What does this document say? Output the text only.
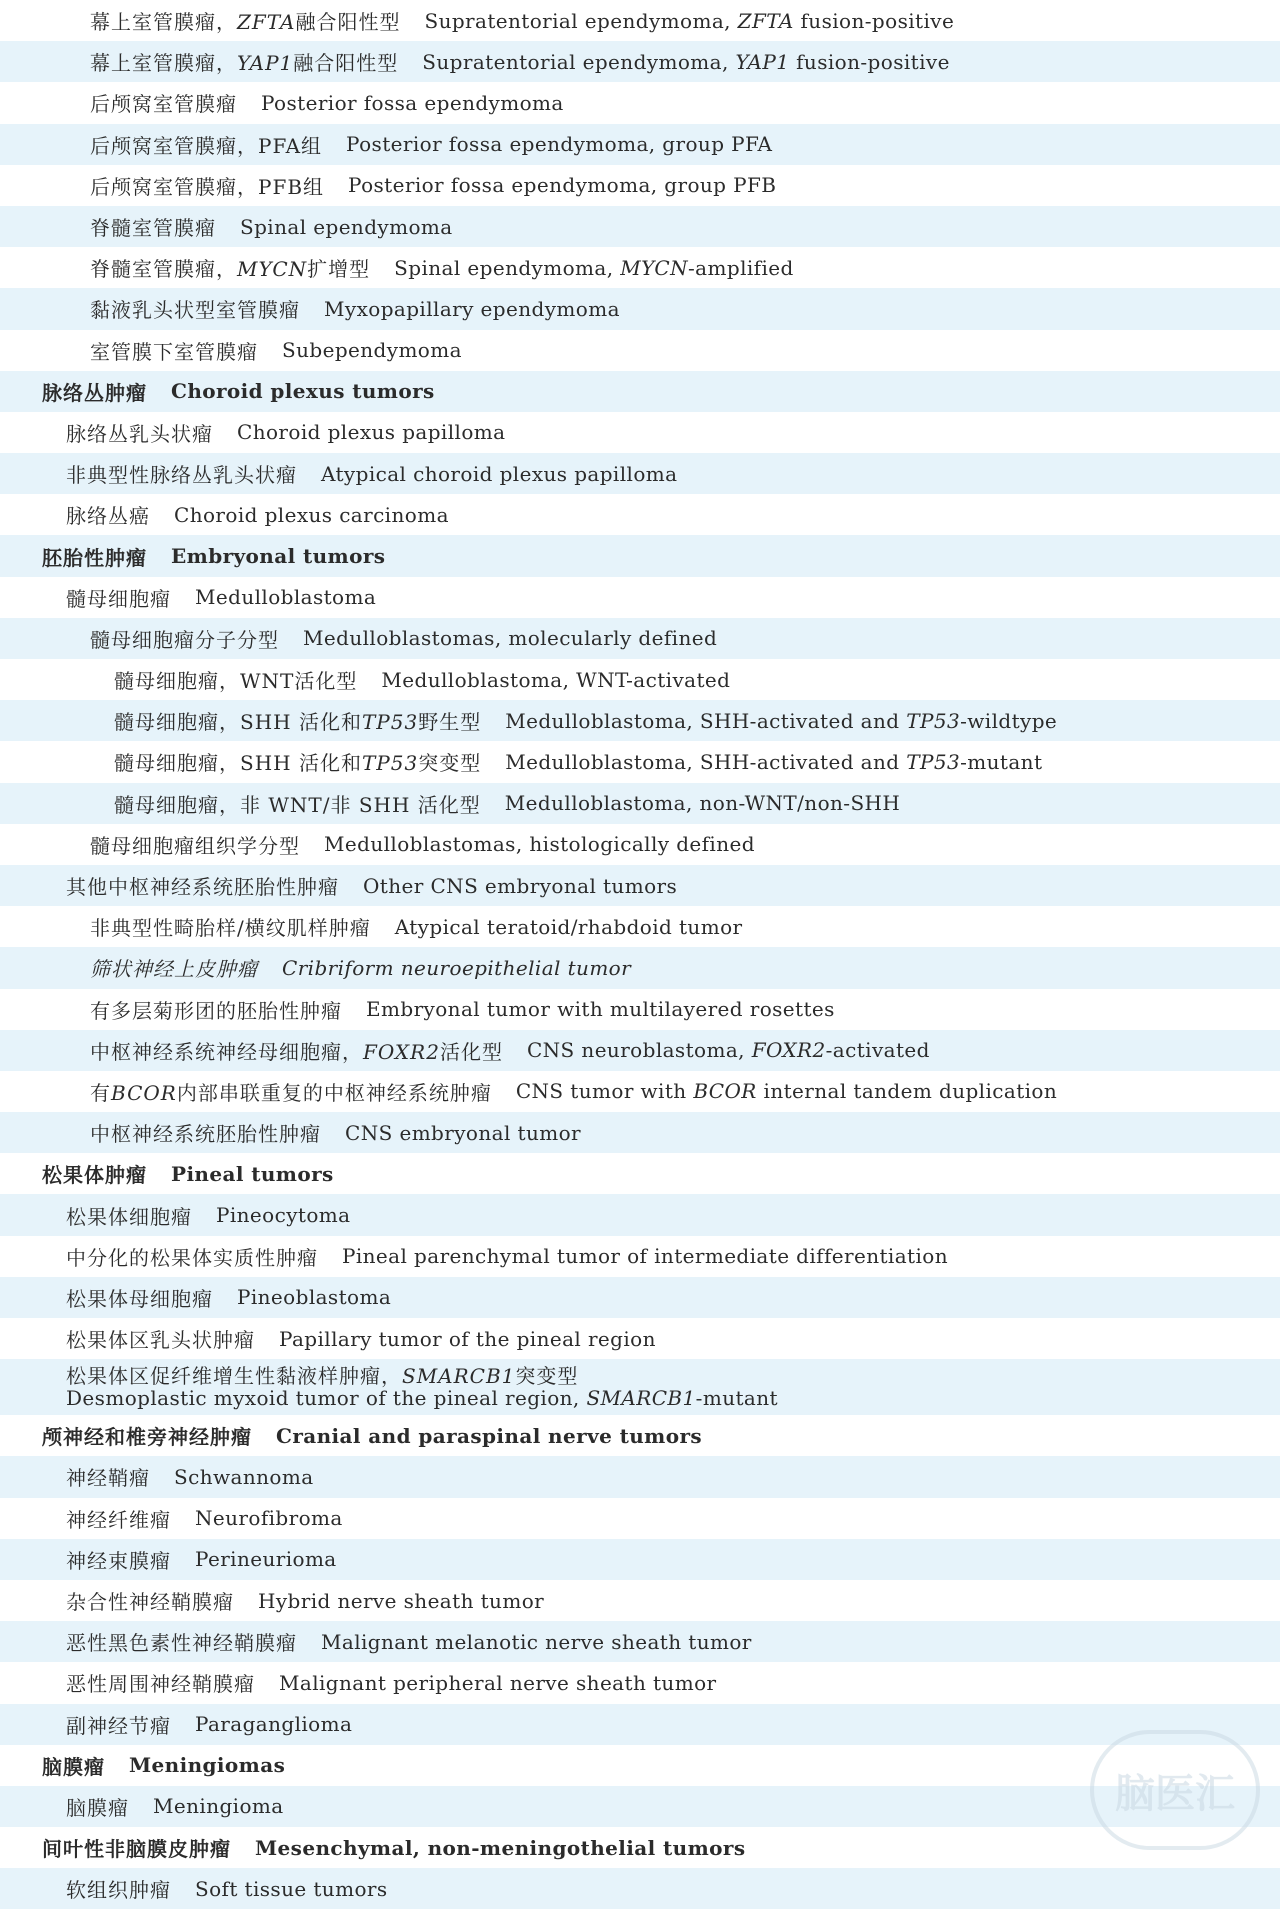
幕上室管膜瘤，ZFTA融合阳性型 Supratentorial ependymoma, ZFTA fusion-positive
幕上室管膜瘤，YAP1融合阳性型 Supratentorial ependymoma, YAP1 fusion-positive
后颅窝室管膜瘤 Posterior fossa ependymoma
后颅窝室管膜瘤，PFA组 Posterior fossa ependymoma, group PFA
后颅窝室管膜瘤，PFB组 Posterior fossa ependymoma, group PFB
脊髓室管膜瘤 Spinal ependymoma
脊髓室管膜瘤，MYCN扩增型 Spinal ependymoma, MYCN-amplified
黏液乳头状型室管膜瘤 Myxopapillary ependymoma
室管膜下室管膜瘤 Subependymoma
脉络丛肿瘤 Choroid plexus tumors
脉络丛乳头状瘤 Choroid plexus papilloma
非典型性脉络丛乳头状瘤 Atypical choroid plexus papilloma
脉络丛癌 Choroid plexus carcinoma
胚胎性肿瘤 Embryonal tumors
髓母细胞瘤 Medulloblastoma
髓母细胞瘤分子分型 Medulloblastomas, molecularly defined
髓母细胞瘤，WNT活化型 Medulloblastoma, WNT-activated
髓母细胞瘤，SHH 活化和TP53野生型 Medulloblastoma, SHH-activated and TP53-wildtype
髓母细胞瘤，SHH 活化和TP53突变型 Medulloblastoma, SHH-activated and TP53-mutant
髓母细胞瘤，非 WNT/非 SHH 活化型 Medulloblastoma, non-WNT/non-SHH
髓母细胞瘤组织学分型 Medulloblastomas, histologically defined
其他中枢神经系统胚胎性肿瘤 Other CNS embryonal tumors
非典型性畸胎样/横纹肌样肿瘤 Atypical teratoid/rhabdoid tumor
筛状神经上皮肿瘤 Cribriform neuroepithelial tumor
有多层菊形团的胚胎性肿瘤 Embryonal tumor with multilayered rosettes
中枢神经系统神经母细胞瘤，FOXR2活化型 CNS neuroblastoma, FOXR2-activated
有BCOR内部串联重复的中枢神经系统肿瘤 CNS tumor with BCOR internal tandem duplication
中枢神经系统胚胎性肿瘤 CNS embryonal tumor
松果体肿瘤 Pineal tumors
松果体细胞瘤 Pineocytoma
中分化的松果体实质性肿瘤 Pineal parenchymal tumor of intermediate differentiation
松果体母细胞瘤 Pineoblastoma
松果体区乳头状肿瘤 Papillary tumor of the pineal region
松果体区促纤维增生性黏液样肿瘤，SMARCB1突变型
Desmoplastic myxoid tumor of the pineal region, SMARCB1-mutant
颅神经和椎旁神经肿瘤 Cranial and paraspinal nerve tumors
神经鞘瘤 Schwannoma
神经纤维瘤 Neurofibroma
神经束膜瘤 Perineurioma
杂合性神经鞘膜瘤 Hybrid nerve sheath tumor
恶性黑色素性神经鞘膜瘤 Malignant melanotic nerve sheath tumor
恶性周围神经鞘膜瘤 Malignant peripheral nerve sheath tumor
副神经节瘤 Paraganglioma
脑膜瘤 Meningiomas
脑膜瘤 Meningioma
间叶性非脑膜皮肿瘤 Mesenchymal, non-meningothelial tumors
软组织肿瘤 Soft tissue tumors
脑医汇
